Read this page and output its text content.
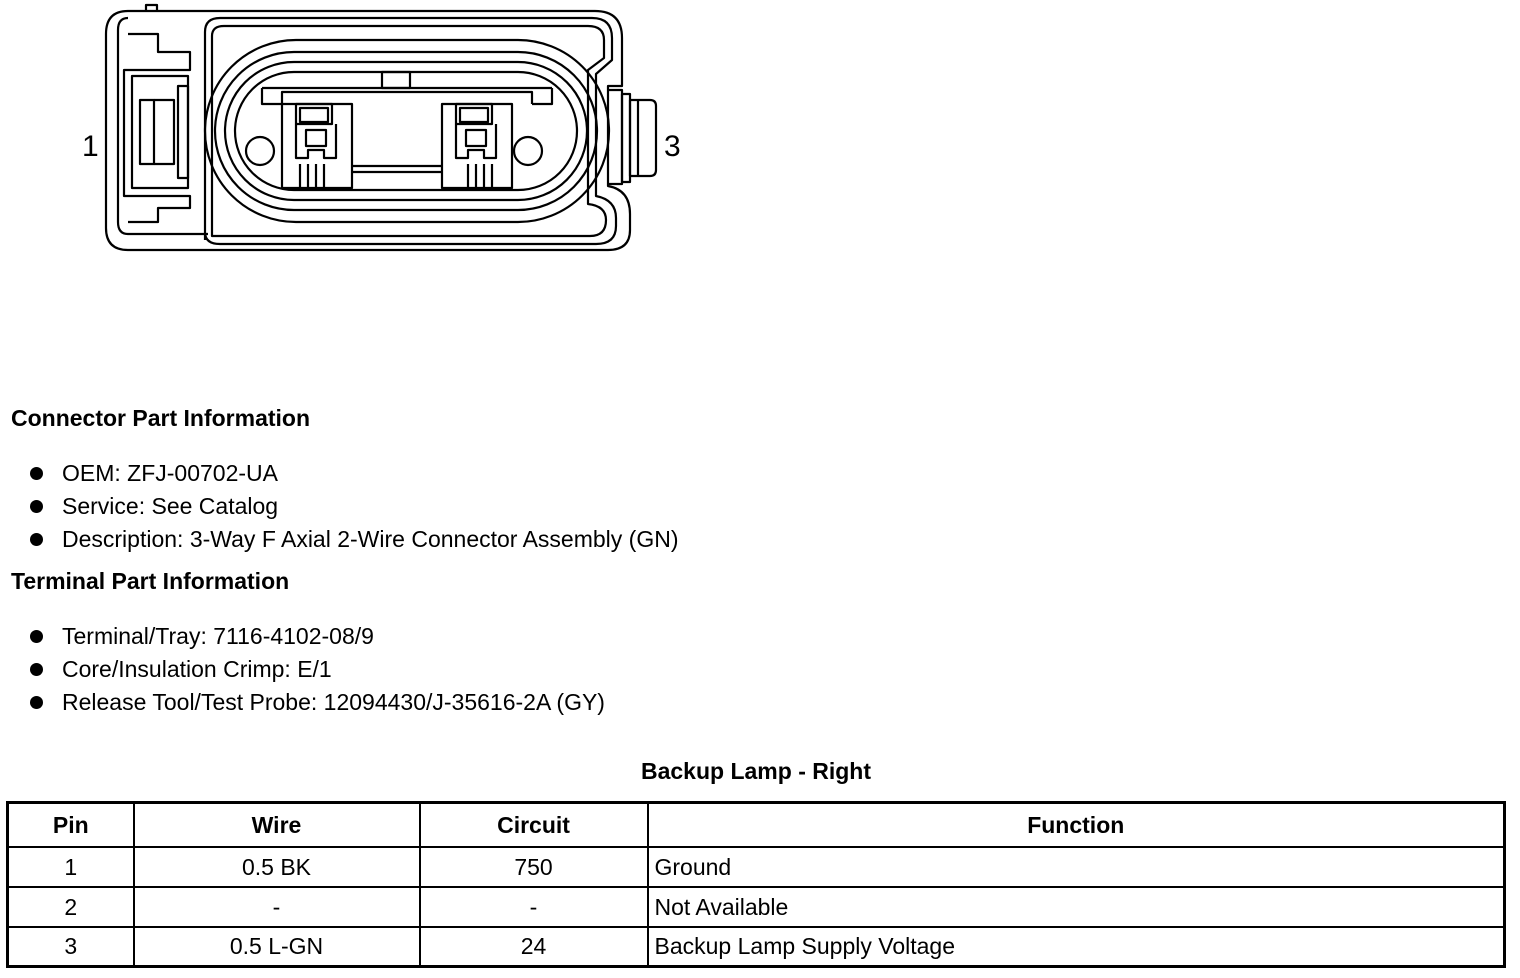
1	3
Connector Part Information
OEM: ZFJ-00702-UA
Service: See Catalog
Description: 3-Way F Axial 2-Wire Connector Assembly (GN)
Terminal Part Information
Terminal/Tray: 7116-4102-08/9
Core/Insulation Crimp: E/1
Release Tool/Test Probe: 12094430/J-35616-2A (GY)
Backup Lamp - Right
Pin	Wire	Circuit	Function
1	0.5 BK	750	Ground
2	-	-	Not Available
3	0.5 L-GN	24	Backup Lamp Supply Voltage
